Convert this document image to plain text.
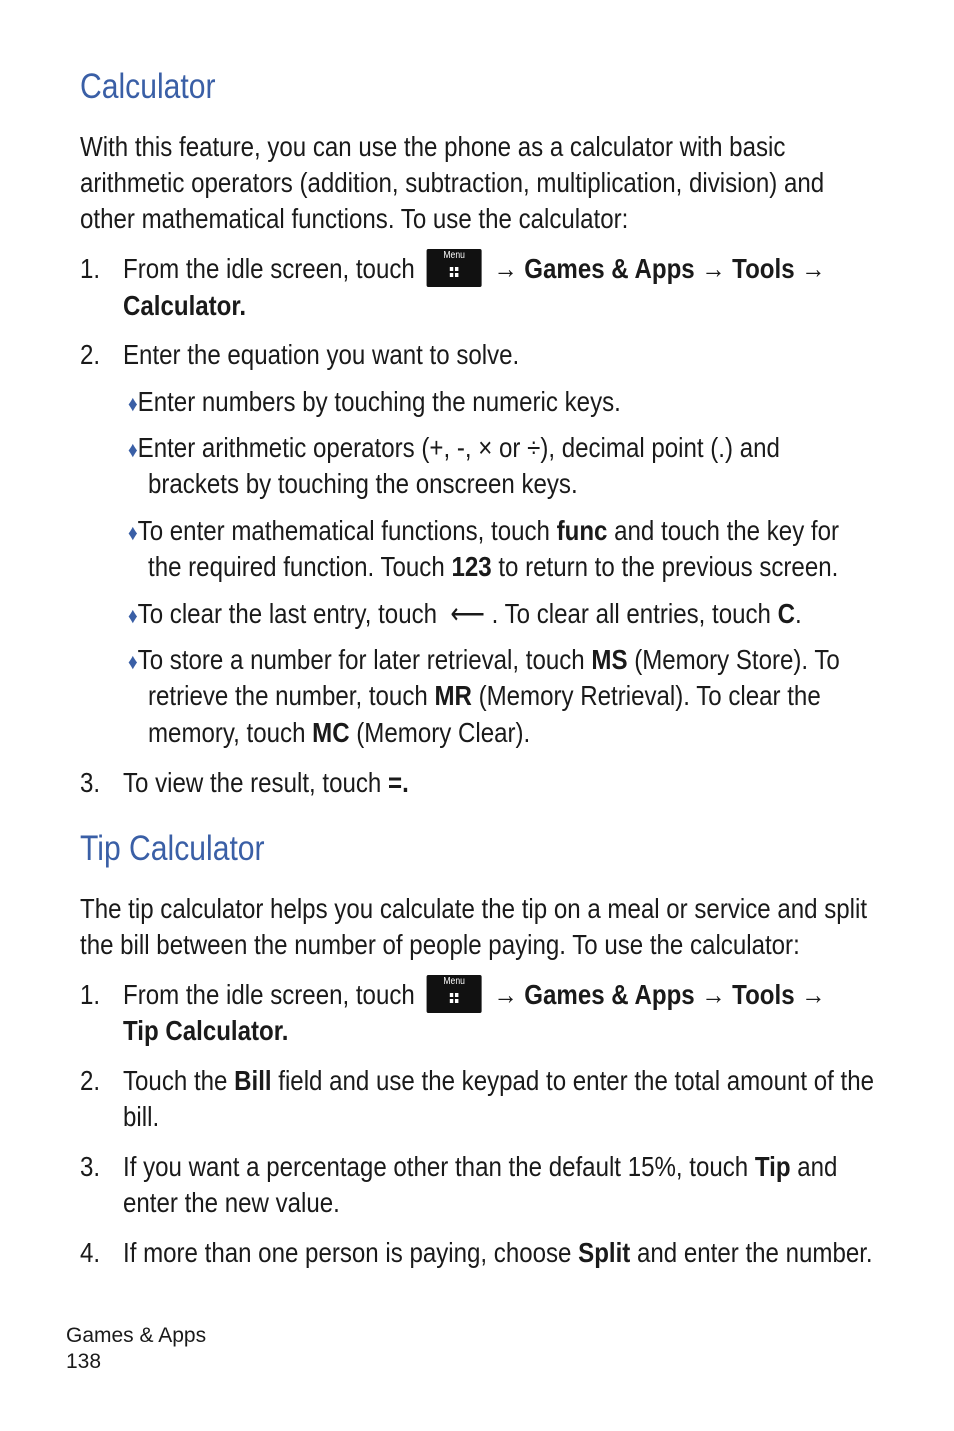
Calculator
With this feature, you can use the phone as a calculator with basic
arithmetic operators (addition, subtraction, multiplication, division) and
other mathematical functions. To use the calculator:
1. From the idle screen, touch	Menu	→ Games & Apps → Tools →
Calculator.
2. Enter the equation you want to solve.
♦Enter numbers by touching the numeric keys.
♦Enter arithmetic operators (+, -, × or ÷), decimal point (.) and
brackets by touching the onscreen keys.
♦To enter mathematical functions, touch func and touch the key for
the required function. Touch 123 to return to the previous screen.
♦To clear the last entry, touch ⟵ . To clear all entries, touch C.
♦To store a number for later retrieval, touch MS (Memory Store). To
retrieve the number, touch MR (Memory Retrieval). To clear the
memory, touch MC (Memory Clear).
3. To view the result, touch =.
Tip Calculator
The tip calculator helps you calculate the tip on a meal or service and split
the bill between the number of people paying. To use the calculator:
1. From the idle screen, touch	Menu	→ Games & Apps → Tools →
Tip Calculator.
2. Touch the Bill field and use the keypad to enter the total amount of the
bill.
3. If you want a percentage other than the default 15%, touch Tip and
enter the new value.
4. If more than one person is paying, choose Split and enter the number.
Games & Apps
138
